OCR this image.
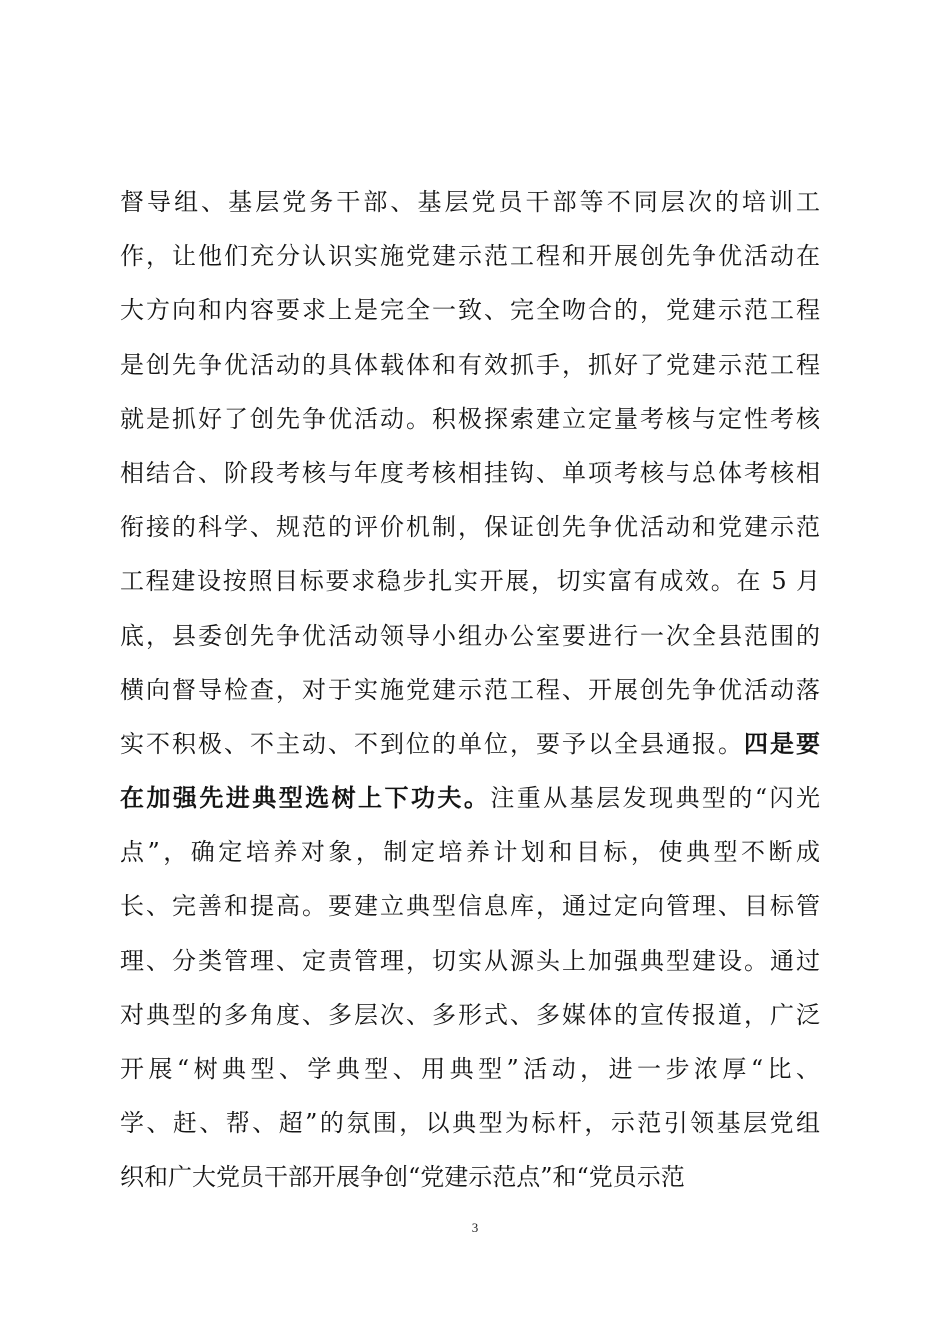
督导组、基层党务干部、基层党员干部等不同层次的培训工
作，让他们充分认识实施党建示范工程和开展创先争优活动在
大方向和内容要求上是完全一致、完全吻合的，党建示范工程
是创先争优活动的具体载体和有效抓手，抓好了党建示范工程
就是抓好了创先争优活动。积极探索建立定量考核与定性考核
相结合、阶段考核与年度考核相挂钩、单项考核与总体考核相
衔接的科学、规范的评价机制，保证创先争优活动和党建示范
工程建设按照目标要求稳步扎实开展，切实富有成效。在 5 月
底，县委创先争优活动领导小组办公室要进行一次全县范围的
横向督导检查，对于实施党建示范工程、开展创先争优活动落
实不积极、不主动、不到位的单位，要予以全县通报。四是要
在加强先进典型选树上下功夫。注重从基层发现典型的“闪光
点”，确定培养对象，制定培养计划和目标，使典型不断成
长、完善和提高。要建立典型信息库，通过定向管理、目标管
理、分类管理、定责管理，切实从源头上加强典型建设。通过
对典型的多角度、多层次、多形式、多媒体的宣传报道，广泛
开展“树典型、学典型、用典型”活动，进一步浓厚“比、
学、赶、帮、超”的氛围，以典型为标杆，示范引领基层党组
织和广大党员干部开展争创“党建示范点”和“党员示范
3
